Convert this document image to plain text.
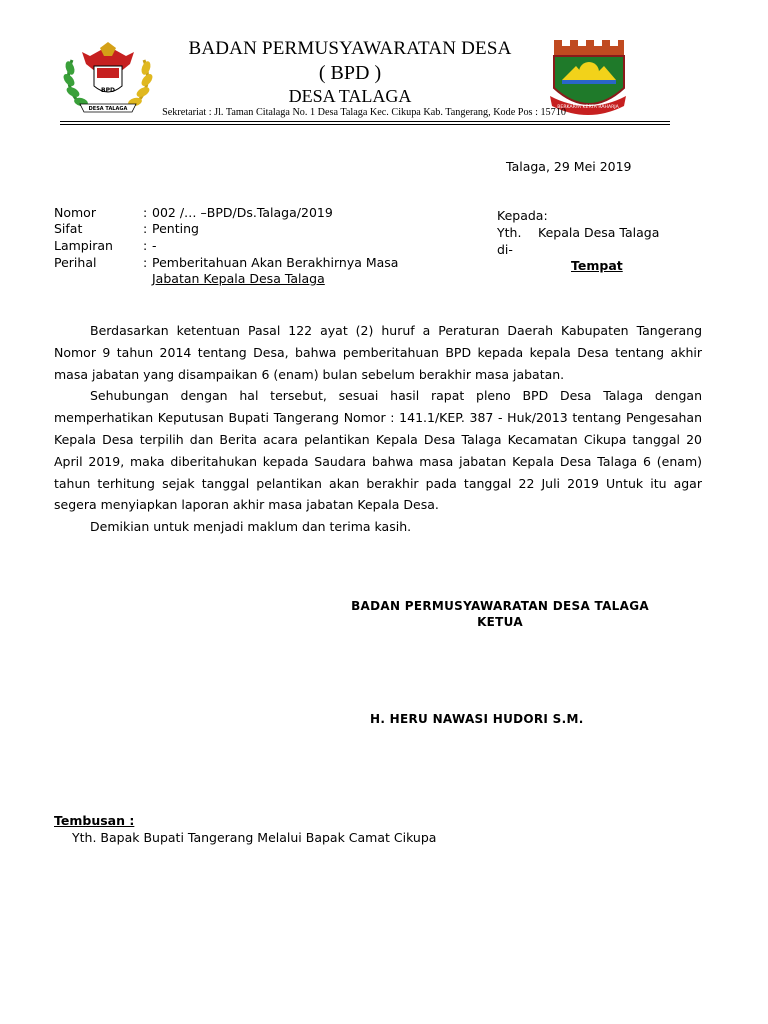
BPD
DESA TALAGA	BERKARYA KERTA RAHARJA
BADAN PERMUSYAWARATAN DESA
( BPD )
DESA TALAGA
Sekretariat : Jl. Taman Citalaga No. 1 Desa Talaga Kec. Cikupa Kab. Tangerang, Kode Pos : 15710
Talaga, 29 Mei 2019
Nomor	: 002 /… –BPD/Ds.Talaga/2019
Sifat	: Penting
Lampiran	: -
Perihal	: Pemberitahuan Akan Berakhirnya Masa
Jabatan Kepala Desa Talaga
Kepada:
Yth. Kepala Desa Talaga
di-
Tempat

Berdasarkan ketentuan Pasal 122 ayat (2) huruf a Peraturan Daerah Kabupaten Tangerang Nomor 9 tahun 2014 tentang Desa, bahwa pemberitahuan BPD kepada kepala Desa tentang akhir masa jabatan yang disampaikan 6 (enam) bulan sebelum berakhir masa jabatan.

Sehubungan dengan hal tersebut, sesuai hasil rapat pleno BPD Desa Talaga dengan memperhatikan Keputusan Bupati Tangerang Nomor : 141.1/KEP. 387 - Huk/2013 tentang Pengesahan Kepala Desa terpilih dan Berita acara pelantikan Kepala Desa Talaga Kecamatan Cikupa tanggal 20 April 2019, maka diberitahukan kepada Saudara bahwa masa jabatan Kepala Desa Talaga 6 (enam) tahun terhitung sejak tanggal pelantikan akan berakhir pada tanggal 22 Juli 2019 Untuk itu agar segera menyiapkan laporan akhir masa jabatan Kepala Desa.

Demikian untuk menjadi maklum dan terima kasih.

BADAN PERMUSYAWARATAN DESA TALAGA
KETUA
H. HERU NAWASI HUDORI S.M.
Tembusan :
Yth. Bapak Bupati Tangerang Melalui Bapak Camat Cikupa
